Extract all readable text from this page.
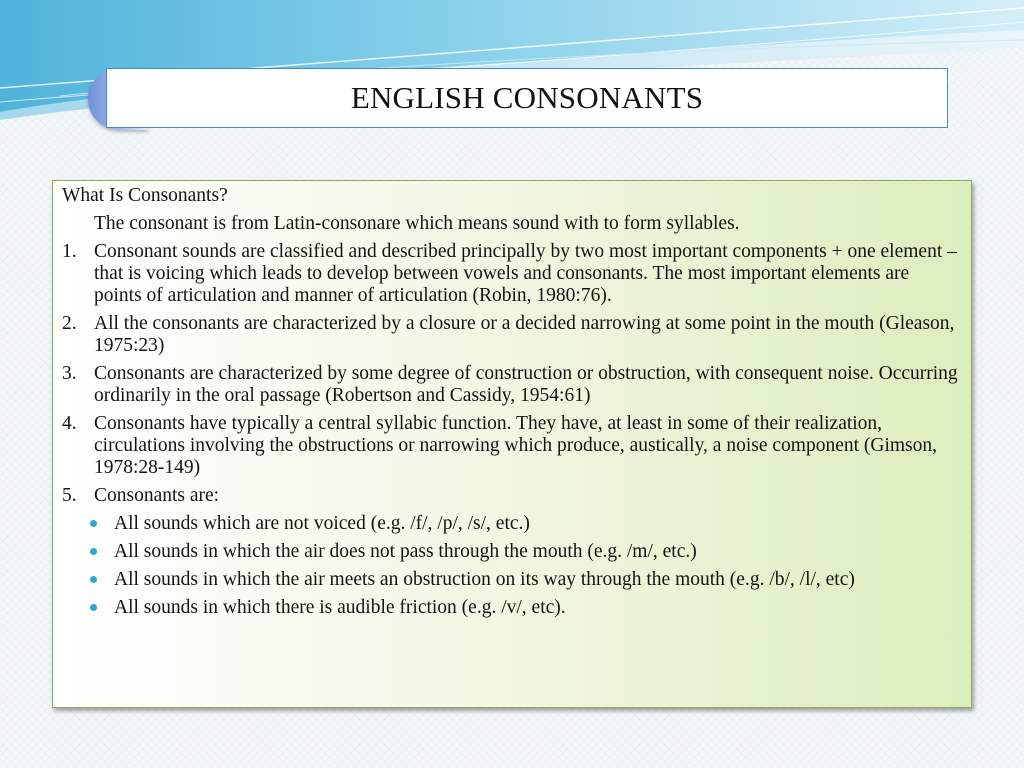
ENGLISH CONSONANTS
What Is Consonants?
The consonant is from Latin-consonare which means sound with to form syllables.
1. Consonant sounds are classified and described principally by two most important components + one element – that is voicing which leads to develop between vowels and consonants. The most important elements are points of articulation and manner of articulation (Robin, 1980:76).
2. All the consonants are characterized by a closure or a decided narrowing at some point in the mouth (Gleason, 1975:23)
3. Consonants are characterized by some degree of construction or obstruction, with consequent noise. Occurring ordinarily in the oral passage (Robertson and Cassidy, 1954:61)
4. Consonants have typically a central syllabic function. They have, at least in some of their realization, circulations involving the obstructions or narrowing which produce, austically, a noise component (Gimson, 1978:28-149)
5. Consonants are:
All sounds which are not voiced (e.g. /f/, /p/, /s/, etc.)
All sounds in which the air does not pass through the mouth (e.g. /m/, etc.)
All sounds in which the air meets an obstruction on its way through the mouth (e.g. /b/, /l/, etc)
All sounds in which there is audible friction (e.g. /v/, etc).
